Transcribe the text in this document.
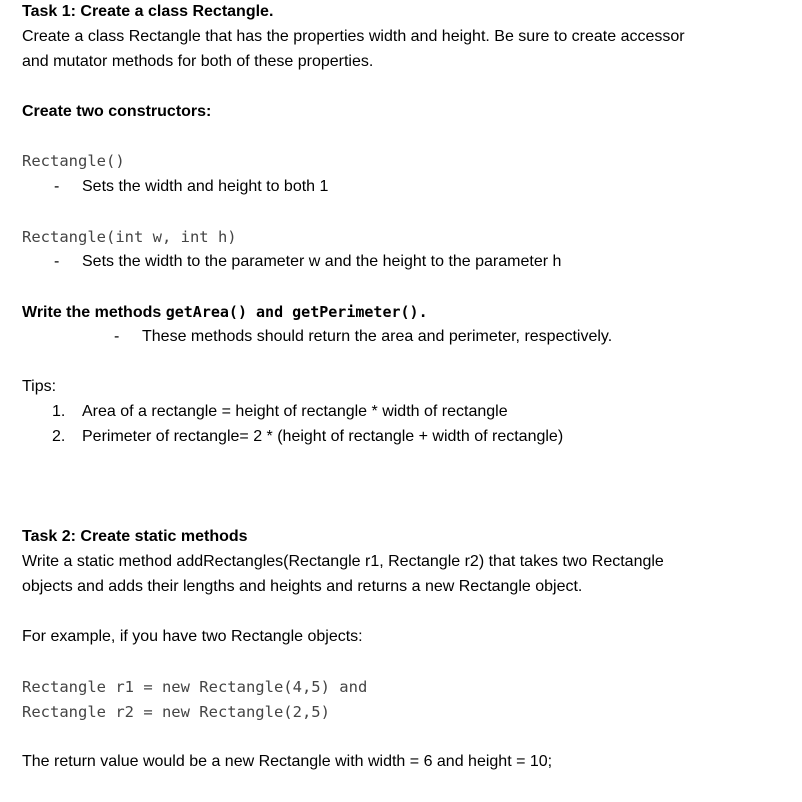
Task 1: Create a class Rectangle.
Create a class Rectangle that has the properties width and height. Be sure to create accessor
and mutator methods for both of these properties.
Create two constructors:
Rectangle()
- Sets the width and height to both 1
Rectangle(int w, int h)
- Sets the width to the parameter w and the height to the parameter h
Write the methods getArea() and getPerimeter().
- These methods should return the area and perimeter, respectively.
Tips:
1. Area of a rectangle = height of rectangle * width of rectangle
2. Perimeter of rectangle= 2 * (height of rectangle + width of rectangle)
Task 2: Create static methods
Write a static method addRectangles(Rectangle r1, Rectangle r2) that takes two Rectangle
objects and adds their lengths and heights and returns a new Rectangle object.
For example, if you have two Rectangle objects:
Rectangle r1 = new Rectangle(4,5) and
Rectangle r2 = new Rectangle(2,5)
The return value would be a new Rectangle with width = 6 and height = 10;
